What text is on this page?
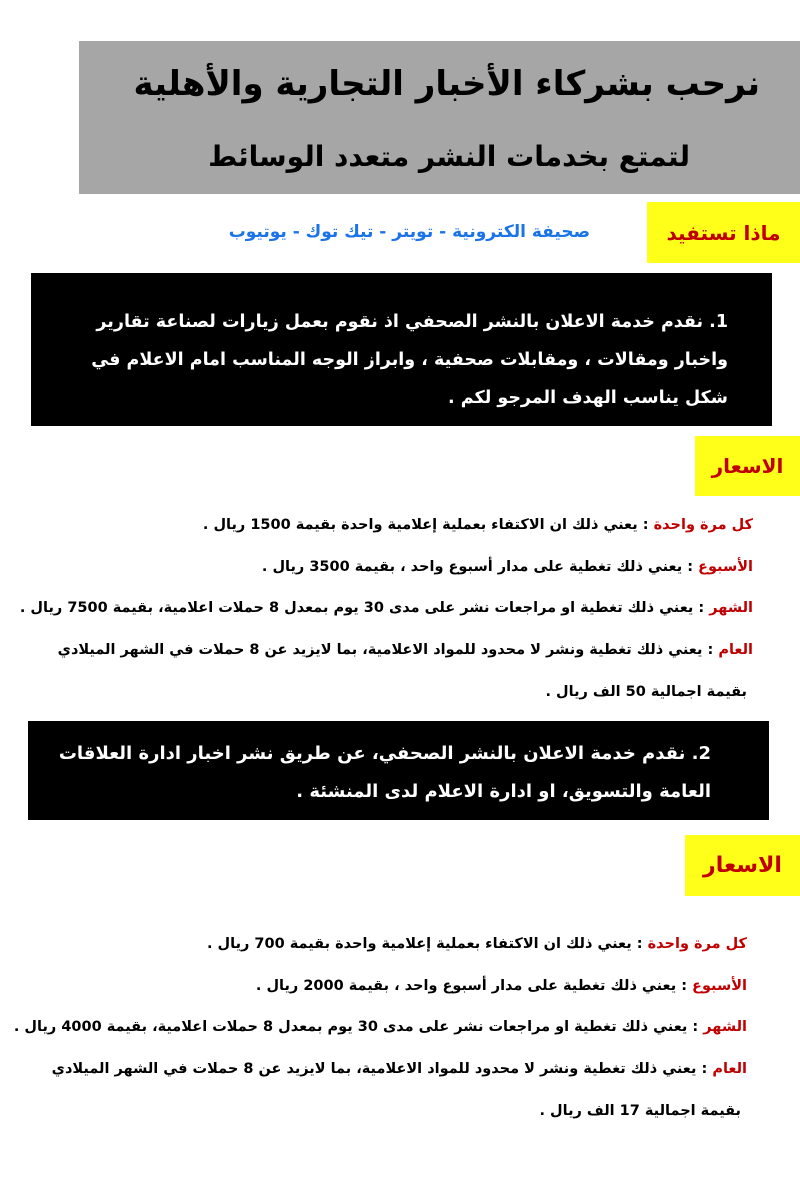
نرحب بشركاء الأخبار التجارية والأهلية
لتمتع بخدمات النشر متعدد الوسائط
ماذا تستفيد
صحيفة الكترونية - تويتر - تيك توك - يوتيوب
1. نقدم خدمة الاعلان بالنشر الصحفي اذ نقوم بعمل زيارات لصناعة تقارير واخبار ومقالات ، ومقابلات صحفية ، وابراز الوجه المناسب امام الاعلام في شكل يناسب الهدف المرجو لكم .
الاسعار
كل مرة واحدة : يعني ذلك ان الاكتفاء بعملية إعلامية واحدة بقيمة 1500 ريال .
الأسبوع : يعني ذلك تغطية على مدار أسبوع واحد ، بقيمة 3500 ريال .
الشهر : يعني ذلك تغطية او مراجعات نشر على مدى 30 يوم بمعدل 8 حملات اعلامية، بقيمة 7500 ريال .
العام : يعني ذلك تغطية ونشر لا محدود للمواد الاعلامية، بما لايزيد عن 8 حملات في الشهر الميلادي
بقيمة اجمالية 50 الف ريال .
2. نقدم خدمة الاعلان بالنشر الصحفي، عن طريق نشر اخبار ادارة العلاقات العامة والتسويق، او ادارة الاعلام لدى المنشئة .
الاسعار
كل مرة واحدة : يعني ذلك ان الاكتفاء بعملية إعلامية واحدة بقيمة 700 ريال .
الأسبوع : يعني ذلك تغطية على مدار أسبوع واحد ، بقيمة 2000 ريال .
الشهر : يعني ذلك تغطية او مراجعات نشر على مدى 30 يوم بمعدل 8 حملات اعلامية، بقيمة 4000 ريال .
العام : يعني ذلك تغطية ونشر لا محدود للمواد الاعلامية، بما لايزيد عن 8 حملات في الشهر الميلادي
بقيمة اجمالية 17 الف ريال .
